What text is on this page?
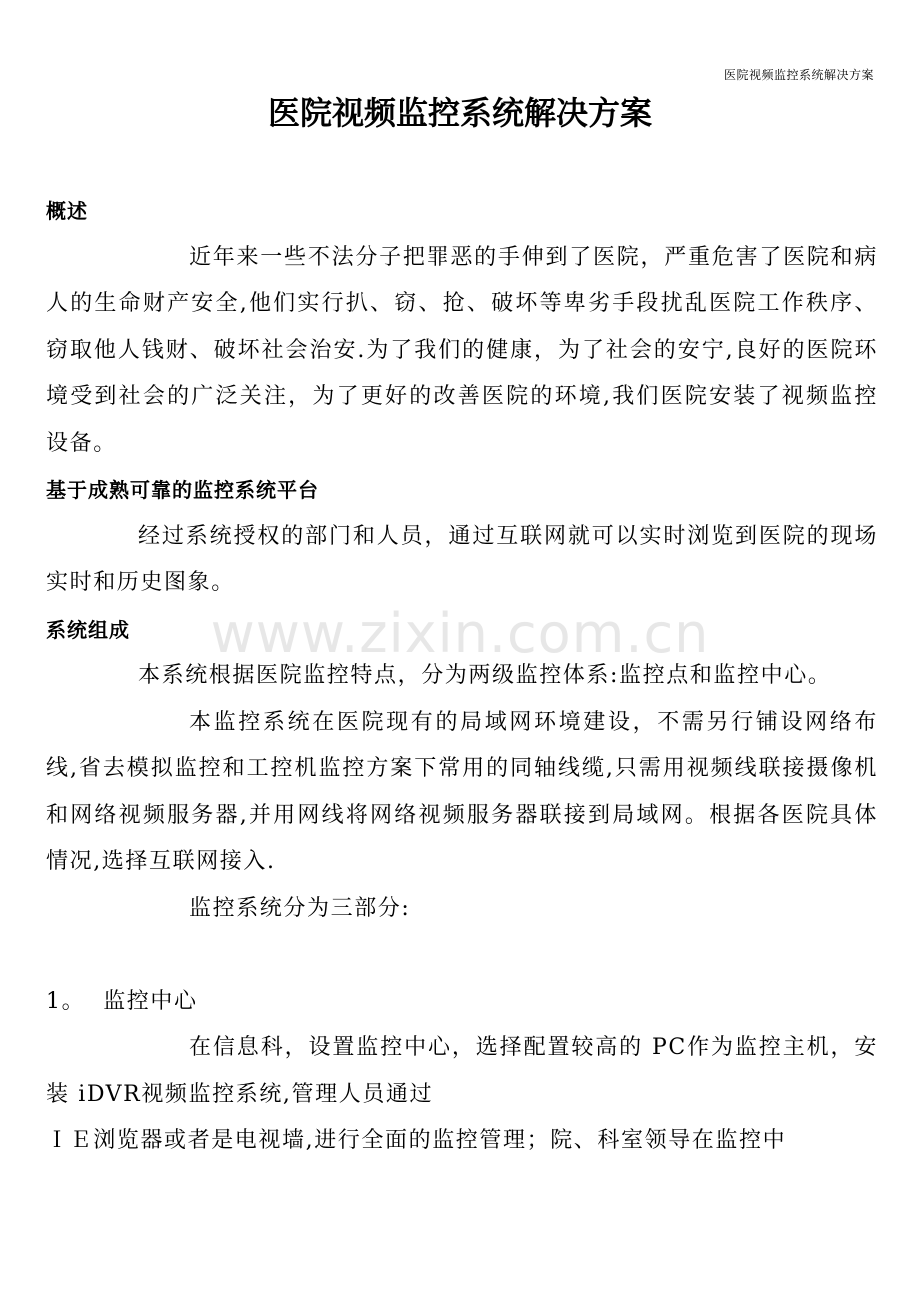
医院视频监控系统解决方案
医院视频监控系统解决方案
www.zixin.com.cn
概述
近年来一些不法分子把罪恶的手伸到了医院，严重危害了医院和病人的生命财产安全,他们实行扒、窃、抢、破坏等卑劣手段扰乱医院工作秩序、窃取他人钱财、破坏社会治安.为了我们的健康，为了社会的安宁,良好的医院环境受到社会的广泛关注，为了更好的改善医院的环境,我们医院安装了视频监控设备。
基于成熟可靠的监控系统平台
经过系统授权的部门和人员，通过互联网就可以实时浏览到医院的现场实时和历史图象。
系统组成
本系统根据医院监控特点，分为两级监控体系:监控点和监控中心。
本监控系统在医院现有的局域网环境建设，不需另行铺设网络布线,省去模拟监控和工控机监控方案下常用的同轴线缆,只需用视频线联接摄像机和网络视频服务器,并用网线将网络视频服务器联接到局域网。根据各医院具体情况,选择互联网接入.
监控系统分为三部分:
1。 监控中心
在信息科，设置监控中心，选择配置较高的 PC作为监控主机，安装 iDVR视频监控系统,管理人员通过
ＩＥ浏览器或者是电视墙,进行全面的监控管理；院、科室领导在监控中
